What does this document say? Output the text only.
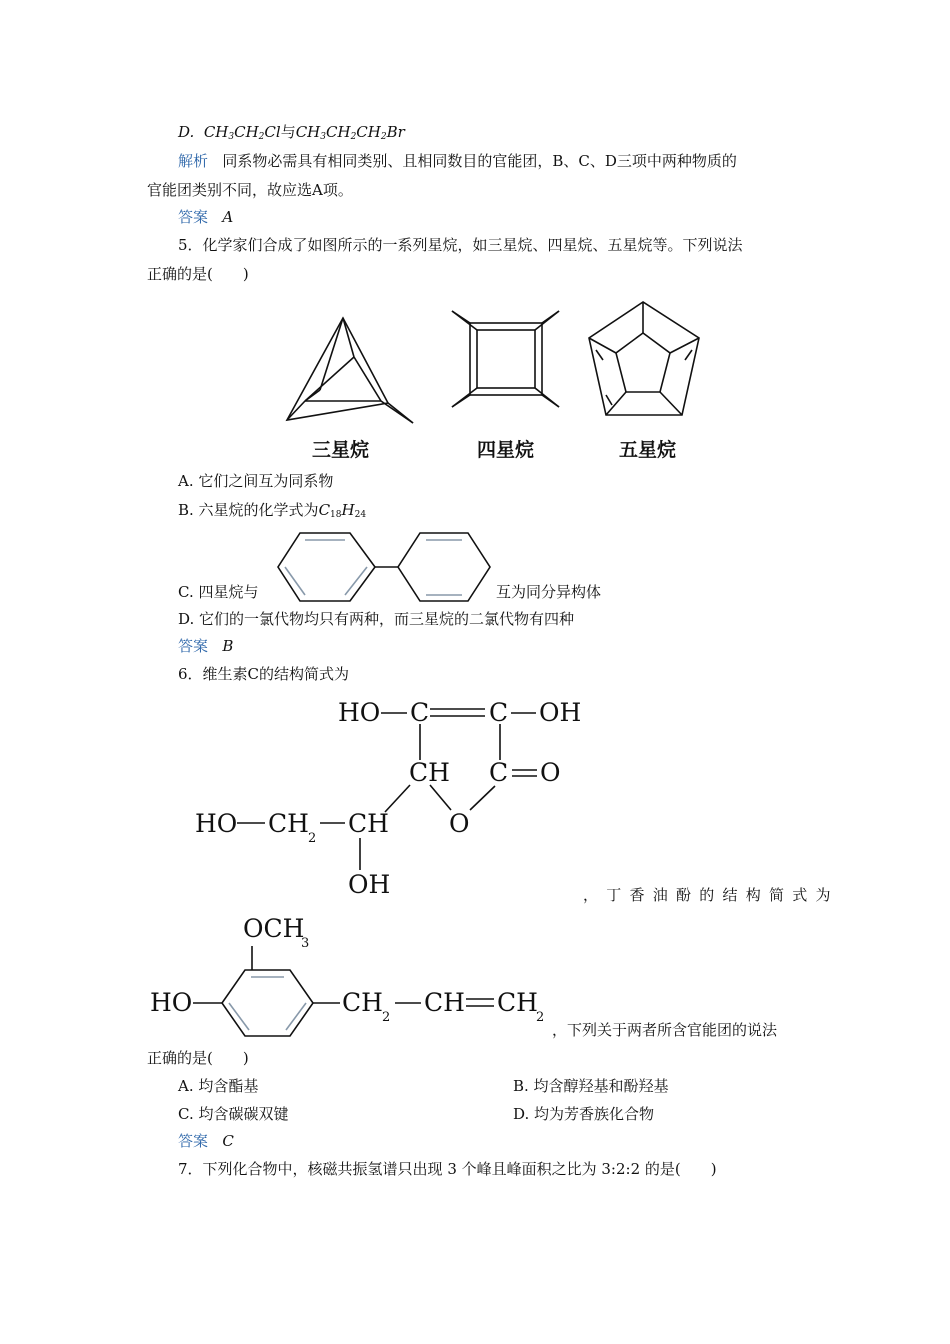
D. $CH_3CH_2Cl$与$CH_3CH_2CH_2Br$
解析 同系物必需具有相同类别、且相同数目的官能团，B、C、D三项中两种物质的
官能团类别不同，故应选A项。
答案 A
5．化学家们合成了如图所示的一系列星烷，如三星烷、四星烷、五星烷等。下列说法
正确的是(　　)
三星烷	四星烷	五星烷
A. 它们之间互为同系物
B. 六星烷的化学式为$C_{18}H_{24}$
C. 四星烷与	互为同分异构体
D. 它们的一氯代物均只有两种，而三星烷的二氯代物有四种
答案 B
6．维生素C的结构简式为
HO C C OH
CH C O
O
HO CH
2
CH
OH	，丁香油酚的结构简式为
OCH
3
HO	CH
2
CH CH
2
，下列关于两者所含官能团的说法
正确的是(　　)
A. 均含酯基	B. 均含醇羟基和酚羟基
C. 均含碳碳双键	D. 均为芳香族化合物
答案 C
7．下列化合物中，核磁共振氢谱只出现 3 个峰且峰面积之比为 3:2:2 的是(　　)
